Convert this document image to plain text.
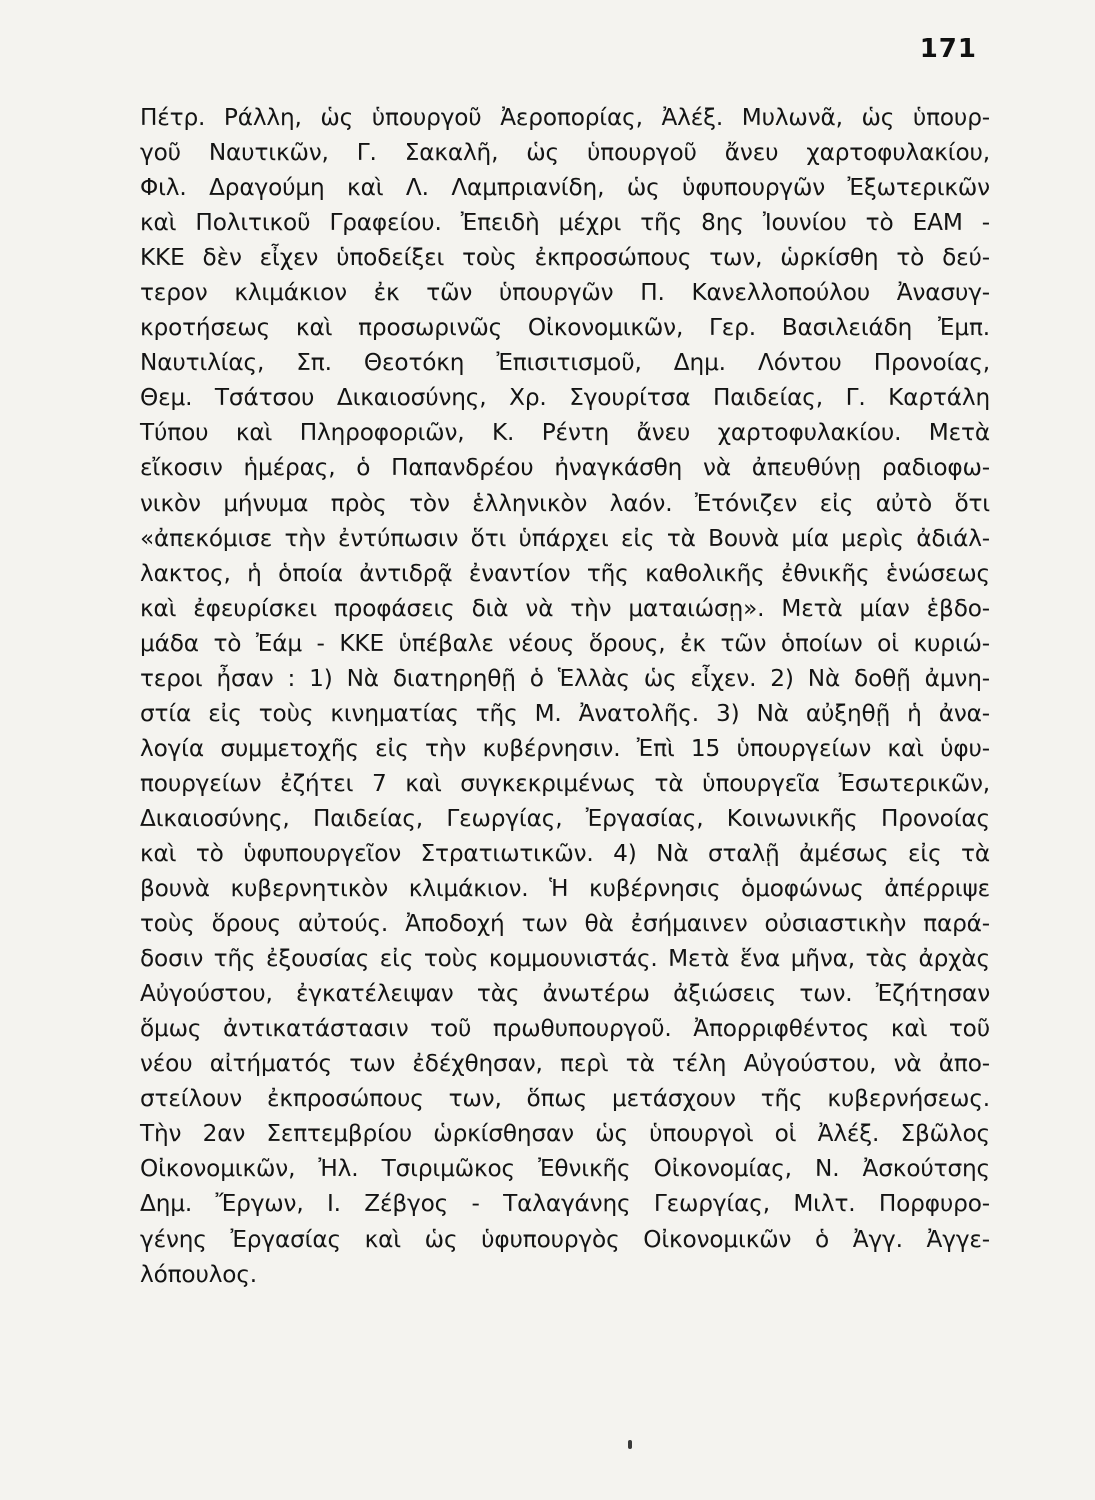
171
Πέτρ. Ράλλη, ὡς ὑπουργοῦ Ἀεροπορίας, Ἀλέξ. Μυλωνᾶ, ὡς ὑπουρ-
γοῦ Ναυτικῶν, Γ. Σακαλῆ, ὡς ὑπουργοῦ ἄνευ χαρτοφυλακίου,
Φιλ. Δραγούμη καὶ Λ. Λαμπριανίδη, ὡς ὑφυπουργῶν Ἐξωτερικῶν
καὶ Πολιτικοῦ Γραφείου. Ἐπειδὴ μέχρι τῆς 8ης Ἰουνίου τὸ ΕΑΜ -
ΚΚΕ δὲν εἶχεν ὑποδείξει τοὺς ἐκπροσώπους των, ὡρκίσθη τὸ δεύ-
τερον κλιμάκιον ἐκ τῶν ὑπουργῶν Π. Κανελλοπούλου Ἀνασυγ-
κροτήσεως καὶ προσωρινῶς Οἰκονομικῶν, Γερ. Βασιλειάδη Ἐμπ.
Ναυτιλίας, Σπ. Θεοτόκη Ἐπισιτισμοῦ, Δημ. Λόντου Προνοίας,
Θεμ. Τσάτσου Δικαιοσύνης, Χρ. Σγουρίτσα Παιδείας, Γ. Καρτάλη
Τύπου καὶ Πληροφοριῶν, Κ. Ρέντη ἄνευ χαρτοφυλακίου. Μετὰ
εἴκοσιν ἡμέρας, ὁ Παπανδρέου ἠναγκάσθη νὰ ἀπευθύνῃ ραδιοφω-
νικὸν μήνυμα πρὸς τὸν ἑλληνικὸν λαόν. Ἐτόνιζεν εἰς αὐτὸ ὅτι
«ἀπεκόμισε τὴν ἐντύπωσιν ὅτι ὑπάρχει εἰς τὰ Βουνὰ μία μερὶς ἀδιάλ-
λακτος, ἡ ὁποία ἀντιδρᾷ ἐναντίον τῆς καθολικῆς ἐθνικῆς ἑνώσεως
καὶ ἐφευρίσκει προφάσεις διὰ νὰ τὴν ματαιώσῃ». Μετὰ μίαν ἑβδο-
μάδα τὸ Ἐάμ - ΚΚΕ ὑπέβαλε νέους ὅρους, ἐκ τῶν ὁποίων οἱ κυριώ-
τεροι ἦσαν : 1) Νὰ διατηρηθῇ ὁ Ἑλλὰς ὡς εἶχεν. 2) Νὰ δοθῇ ἀμνη-
στία εἰς τοὺς κινηματίας τῆς Μ. Ἀνατολῆς. 3) Νὰ αὐξηθῇ ἡ ἀνα-
λογία συμμετοχῆς εἰς τὴν κυβέρνησιν. Ἐπὶ 15 ὑπουργείων καὶ ὑφυ-
πουργείων ἐζήτει 7 καὶ συγκεκριμένως τὰ ὑπουργεῖα Ἐσωτερικῶν,
Δικαιοσύνης, Παιδείας, Γεωργίας, Ἐργασίας, Κοινωνικῆς Προνοίας
καὶ τὸ ὑφυπουργεῖον Στρατιωτικῶν. 4) Νὰ σταλῇ ἀμέσως εἰς τὰ
βουνὰ κυβερνητικὸν κλιμάκιον. Ἡ κυβέρνησις ὁμοφώνως ἀπέρριψε
τοὺς ὅρους αὐτούς. Ἀποδοχή των θὰ ἐσήμαινεν οὐσιαστικὴν παρά-
δοσιν τῆς ἐξουσίας εἰς τοὺς κομμουνιστάς. Μετὰ ἕνα μῆνα, τὰς ἀρχὰς
Αὐγούστου, ἐγκατέλειψαν τὰς ἀνωτέρω ἀξιώσεις των. Ἐζήτησαν
ὅμως ἀντικατάστασιν τοῦ πρωθυπουργοῦ. Ἀπορριφθέντος καὶ τοῦ
νέου αἰτήματός των ἐδέχθησαν, περὶ τὰ τέλη Αὐγούστου, νὰ ἀπο-
στείλουν ἐκπροσώπους των, ὅπως μετάσχουν τῆς κυβερνήσεως.
Τὴν 2αν Σεπτεμβρίου ὡρκίσθησαν ὡς ὑπουργοὶ οἱ Ἀλέξ. Σβῶλος
Οἰκονομικῶν, Ἠλ. Τσιριμῶκος Ἐθνικῆς Οἰκονομίας, Ν. Ἀσκούτσης
Δημ. Ἔργων, Ι. Ζέβγος - Ταλαγάνης Γεωργίας, Μιλτ. Πορφυρο-
γένης Ἐργασίας καὶ ὡς ὑφυπουργὸς Οἰκονομικῶν ὁ Ἀγγ. Ἀγγε-
λόπουλος.
